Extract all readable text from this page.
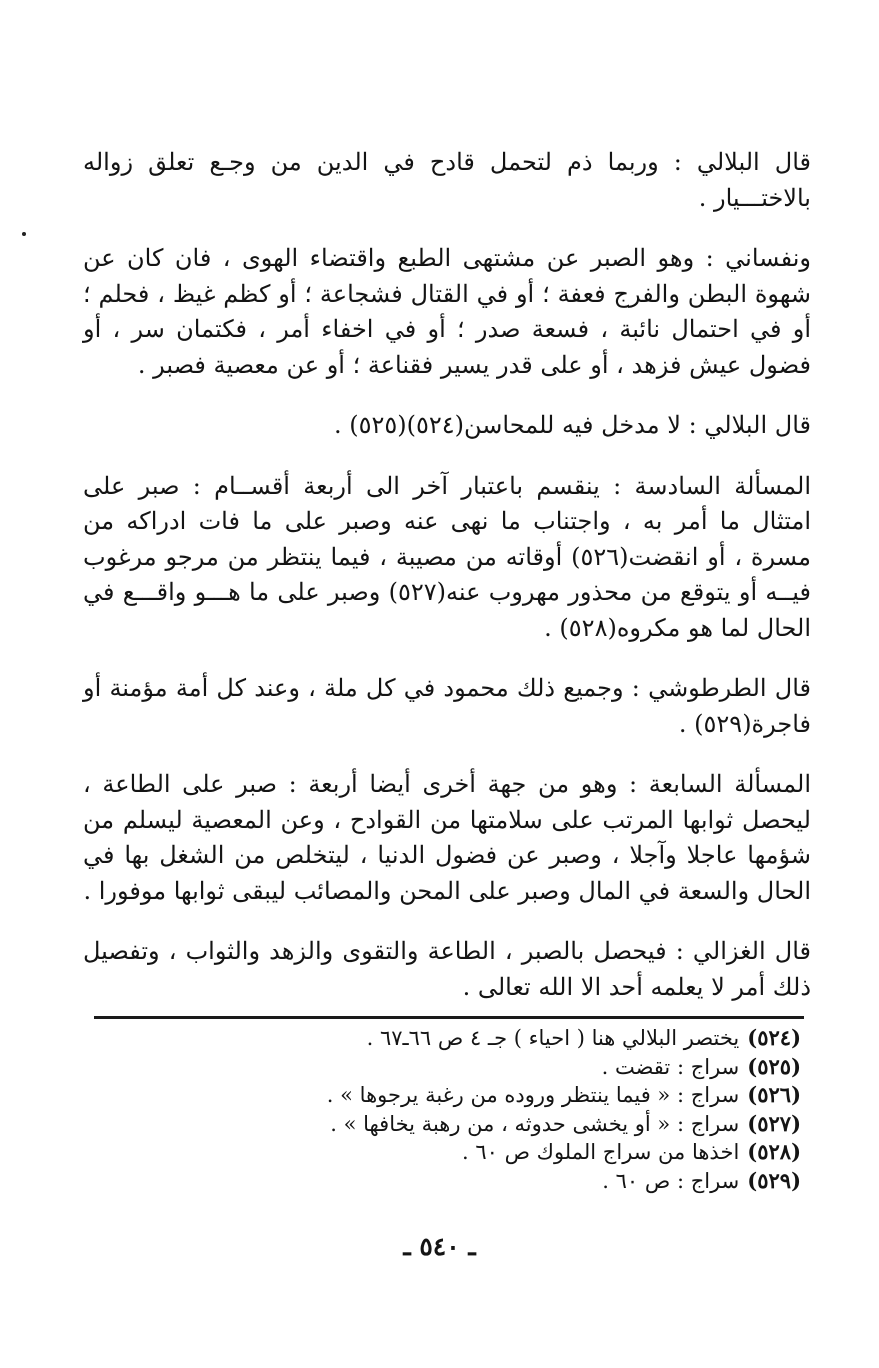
قال البلالي : وربما ذم لتحمل قادح في الدين من وجـع تعلق زواله بالاختـــيار .

ونفساني : وهو الصبر عن مشتهى الطبع واقتضاء الهوى ، فان كان عن شهوة البطن والفرج فعفة ؛ أو في القتال فشجاعة ؛ أو كظم غيظ ، فحلم ؛ أو في احتمال نائبة ، فسعة صدر ؛ أو في اخفاء أمر ، فكتمان سر ، أو فضول عيش فزهد ، أو على قدر يسير فقناعة ؛ أو عن معصية فصبر .

قال البلالي : لا مدخل فيه للمحاسن(٥٢٤)(٥٢٥) .

المسألة السادسة : ينقسم باعتبار آخر الى أربعة أقســام : صبر على امتثال ما أمر به ، واجتناب ما نهى عنه وصبر على ما فات ادراكه من مسرة ، أو انقضت(٥٢٦) أوقاته من مصيبة ، فيما ينتظر من مرجو مرغوب فيــه أو يتوقع من محذور مهروب عنه(٥٢٧) وصبر على ما هـــو واقـــع في الحال لما هو مكروه(٥٢٨) .

قال الطرطوشي : وجميع ذلك محمود في كل ملة ، وعند كل أمة مؤمنة أو فاجرة(٥٢٩) .

المسألة السابعة : وهو من جهة أخرى أيضا أربعة : صبر على الطاعة ، ليحصل ثوابها المرتب على سلامتها من القوادح ، وعن المعصية ليسلم من شؤمها عاجلا وآجلا ، وصبر عن فضول الدنيا ، ليتخلص من الشغل بها في الحال والسعة في المال وصبر على المحن والمصائب ليبقى ثوابها موفورا .

قال الغزالي : فيحصل بالصبر ، الطاعة والتقوى والزهد والثواب ، وتفصيل ذلك أمر لا يعلمه أحد الا الله تعالى .

(٥٢٤)يختصر البلالي هنا ( احياء ) جـ ٤ ص ٦٦ـ٦٧ .
(٥٢٥)سراج : تقضت .
(٥٢٦)سراج : « فيما ينتظر وروده من رغبة يرجوها » .
(٥٢٧)سراج : « أو يخشى حدوثه ، من رهبة يخافها » .
(٥٢٨)اخذها من سراج الملوك ص ٦٠ .
(٥٢٩)سراج : ص ٦٠ .
ـ ٥٤٠ ـ
